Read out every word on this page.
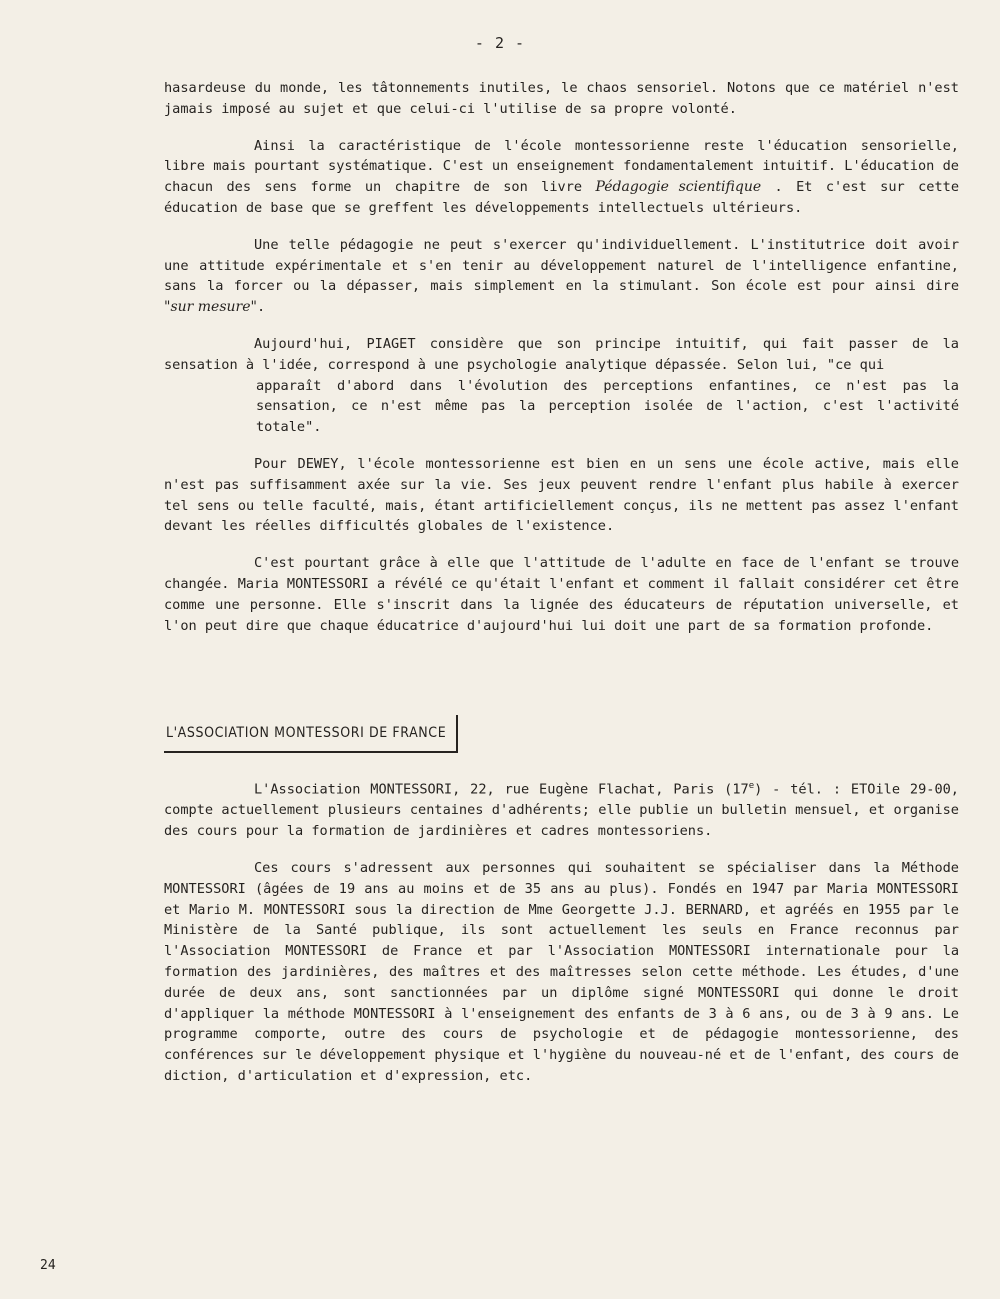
- 2 -

hasardeuse du monde, les tâtonnements inutiles, le chaos sensoriel. Notons que ce matériel n'est jamais imposé au sujet et que celui-ci l'utilise de sa propre volonté.

Ainsi la caractéristique de l'école montessorienne reste l'éducation sensorielle, libre mais pourtant systématique. C'est un enseignement fondamentalement intuitif. L'éducation de chacun des sens forme un chapitre de son livre Pédagogie scientifique . Et c'est sur cette éducation de base que se greffent les développements intellectuels ultérieurs.

Une telle pédagogie ne peut s'exercer qu'individuellement. L'institutrice doit avoir une attitude expérimentale et s'en tenir au développement naturel de l'intelligence enfantine, sans la forcer ou la dépasser, mais simplement en la stimulant. Son école est pour ainsi dire "sur mesure".

Aujourd'hui, PIAGET considère que son principe intuitif, qui fait passer de la sensation à l'idée, correspond à une psychologie analytique dépassée. Selon lui, "ce qui

apparaît d'abord dans l'évolution des perceptions enfantines, ce n'est pas la sensation, ce n'est même pas la perception isolée de l'action, c'est l'activité totale".

Pour DEWEY, l'école montessorienne est bien en un sens une école active, mais elle n'est pas suffisamment axée sur la vie. Ses jeux peuvent rendre l'enfant plus habile à exercer tel sens ou telle faculté, mais, étant artificiellement conçus, ils ne mettent pas assez l'enfant devant les réelles difficultés globales de l'existence.

C'est pourtant grâce à elle que l'attitude de l'adulte en face de l'enfant se trouve changée. Maria MONTESSORI a révélé ce qu'était l'enfant et comment il fallait considérer cet être comme une personne. Elle s'inscrit dans la lignée des éducateurs de réputation universelle, et l'on peut dire que chaque éducatrice d'aujourd'hui lui doit une part de sa formation profonde.

L'ASSOCIATION MONTESSORI DE FRANCE

L'Association MONTESSORI, 22, rue Eugène Flachat, Paris (17e) - tél. : ETOile 29-00, compte actuellement plusieurs centaines d'adhérents; elle publie un bulletin mensuel, et organise des cours pour la formation de jardinières et cadres montessoriens.

Ces cours s'adressent aux personnes qui souhaitent se spécialiser dans la Méthode MONTESSORI (âgées de 19 ans au moins et de 35 ans au plus). Fondés en 1947 par Maria MONTESSORI et Mario M. MONTESSORI sous la direction de Mme Georgette J.J. BERNARD, et agréés en 1955 par le Ministère de la Santé publique, ils sont actuellement les seuls en France reconnus par l'Association MONTESSORI de France et par l'Association MONTESSORI internationale pour la formation des jardinières, des maîtres et des maîtresses selon cette méthode. Les études, d'une durée de deux ans, sont sanctionnées par un diplôme signé MONTESSORI qui donne le droit d'appliquer la méthode MONTESSORI à l'enseignement des enfants de 3 à 6 ans, ou de 3 à 9 ans. Le programme comporte, outre des cours de psychologie et de pédagogie montessorienne, des conférences sur le développement physique et l'hygiène du nouveau-né et de l'enfant, des cours de diction, d'articulation et d'expression, etc.

24
